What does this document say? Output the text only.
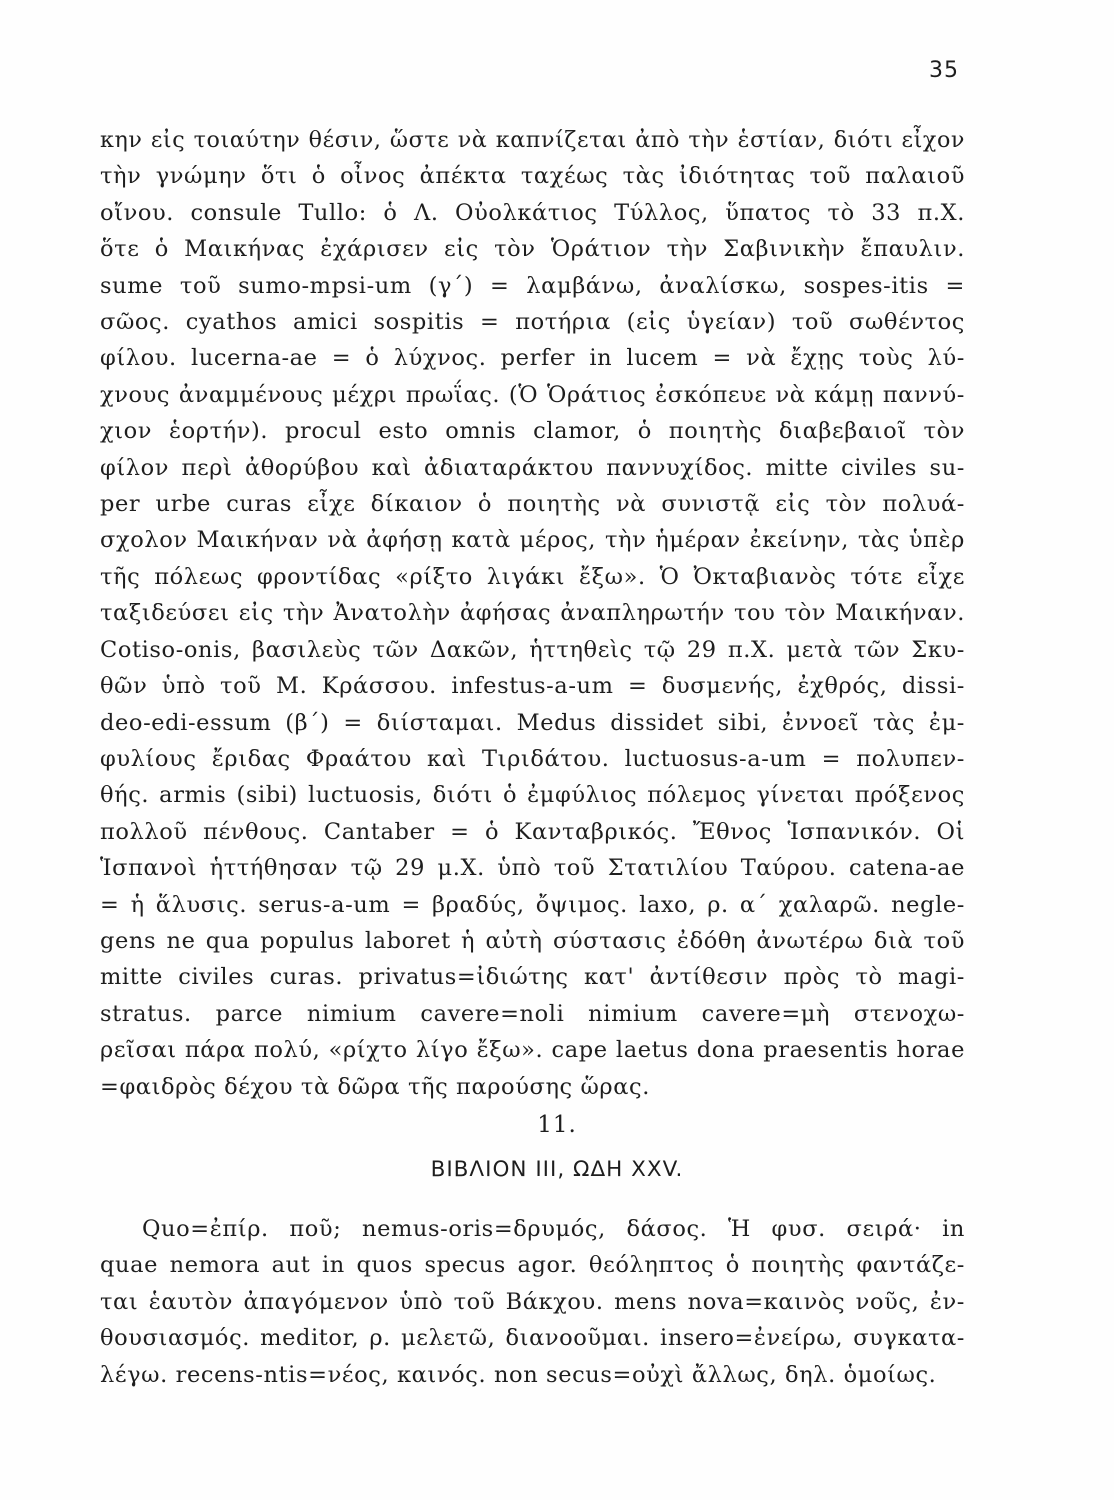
35
κην εἰς τοιαύτην θέσιν, ὥστε νὰ καπνίζεται ἀπὸ τὴν ἑστίαν, διότι εἶχον
τὴν γνώμην ὅτι ὁ οἶνος ἀπέκτα ταχέως τὰς ἰδιότητας τοῦ παλαιοῦ
οἴνου. consule Tullo: ὁ Λ. Οὐολκάτιος Τύλλος, ὕπατος τὸ 33 π.Χ.
ὅτε ὁ Μαικήνας ἐχάρισεν εἰς τὸν Ὁράτιον τὴν Σαβινικὴν ἔπαυλιν.
sume τοῦ sumo-mpsi-um (γ΄) = λαμβάνω, ἀναλίσκω, sospes-itis =
σῶος. cyathos amici sospitis = ποτήρια (εἰς ὑγείαν) τοῦ σωθέντος
φίλου. lucerna-ae = ὁ λύχνος. perfer in lucem = νὰ ἔχῃς τοὺς λύ-
χνους ἀναμμένους μέχρι πρωΐας. (Ὁ Ὁράτιος ἐσκόπευε νὰ κάμῃ παννύ-
χιον ἑορτήν). procul esto omnis clamor, ὁ ποιητὴς διαβεβαιοῖ τὸν
φίλον περὶ ἀθορύβου καὶ ἀδιαταράκτου παννυχίδος. mitte civiles su-
per urbe curas εἶχε δίκαιον ὁ ποιητὴς νὰ συνιστᾷ εἰς τὸν πολυά-
σχολον Μαικήναν νὰ ἀφήσῃ κατὰ μέρος, τὴν ἡμέραν ἐκείνην, τὰς ὑπὲρ
τῆς πόλεως φροντίδας «ρίξτο λιγάκι ἔξω». Ὁ Ὀκταβιανὸς τότε εἶχε
ταξιδεύσει εἰς τὴν Ἀνατολὴν ἀφήσας ἀναπληρωτήν του τὸν Μαικήναν.
Cotiso-onis, βασιλεὺς τῶν Δακῶν, ἡττηθεὶς τῷ 29 π.Χ. μετὰ τῶν Σκυ-
θῶν ὑπὸ τοῦ Μ. Κράσσου. infestus-a-um = δυσμενής, ἐχθρός, dissi-
deo-edi-essum (β΄) = διίσταμαι. Medus dissidet sibi, ἐννοεῖ τὰς ἐμ-
φυλίους ἔριδας Φραάτου καὶ Τιριδάτου. luctuosus-a-um = πολυπεν-
θής. armis (sibi) luctuosis, διότι ὁ ἐμφύλιος πόλεμος γίνεται πρόξενος
πολλοῦ πένθους. Cantaber = ὁ Κανταβρικός. Ἔθνος Ἱσπανικόν. Οἱ
Ἱσπανοὶ ἡττήθησαν τῷ 29 μ.Χ. ὑπὸ τοῦ Στατιλίου Ταύρου. catena-ae
= ἡ ἅλυσις. serus-a-um = βραδύς, ὄψιμος. laxo, ρ. α΄ χαλαρῶ. negle-
gens ne qua populus laboret ἡ αὐτὴ σύστασις ἐδόθη ἀνωτέρω διὰ τοῦ
mitte civiles curas. privatus=ἰδιώτης κατ' ἀντίθεσιν πρὸς τὸ magi-
stratus. parce nimium cavere=noli nimium cavere=μὴ στενοχω-
ρεῖσαι πάρα πολύ, «ρίχτο λίγο ἔξω». cape laetus dona praesentis horae
=φαιδρὸς δέχου τὰ δῶρα τῆς παρούσης ὥρας.
11.
ΒΙΒΛΙΟΝ III, ΩΔΗ XXV.
Quo=ἐπίρ. ποῦ; nemus-oris=δρυμός, δάσος. Ἡ φυσ. σειρά· in
quae nemora aut in quos specus agor. θεόληπτος ὁ ποιητὴς φαντάζε-
ται ἑαυτὸν ἀπαγόμενον ὑπὸ τοῦ Βάκχου. mens nova=καινὸς νοῦς, ἐν-
θουσιασμός. meditor, ρ. μελετῶ, διανοοῦμαι. insero=ἐνείρω, συγκατα-
λέγω. recens-ntis=νέος, καινός. non secus=οὐχὶ ἄλλως, δηλ. ὁμοίως.
